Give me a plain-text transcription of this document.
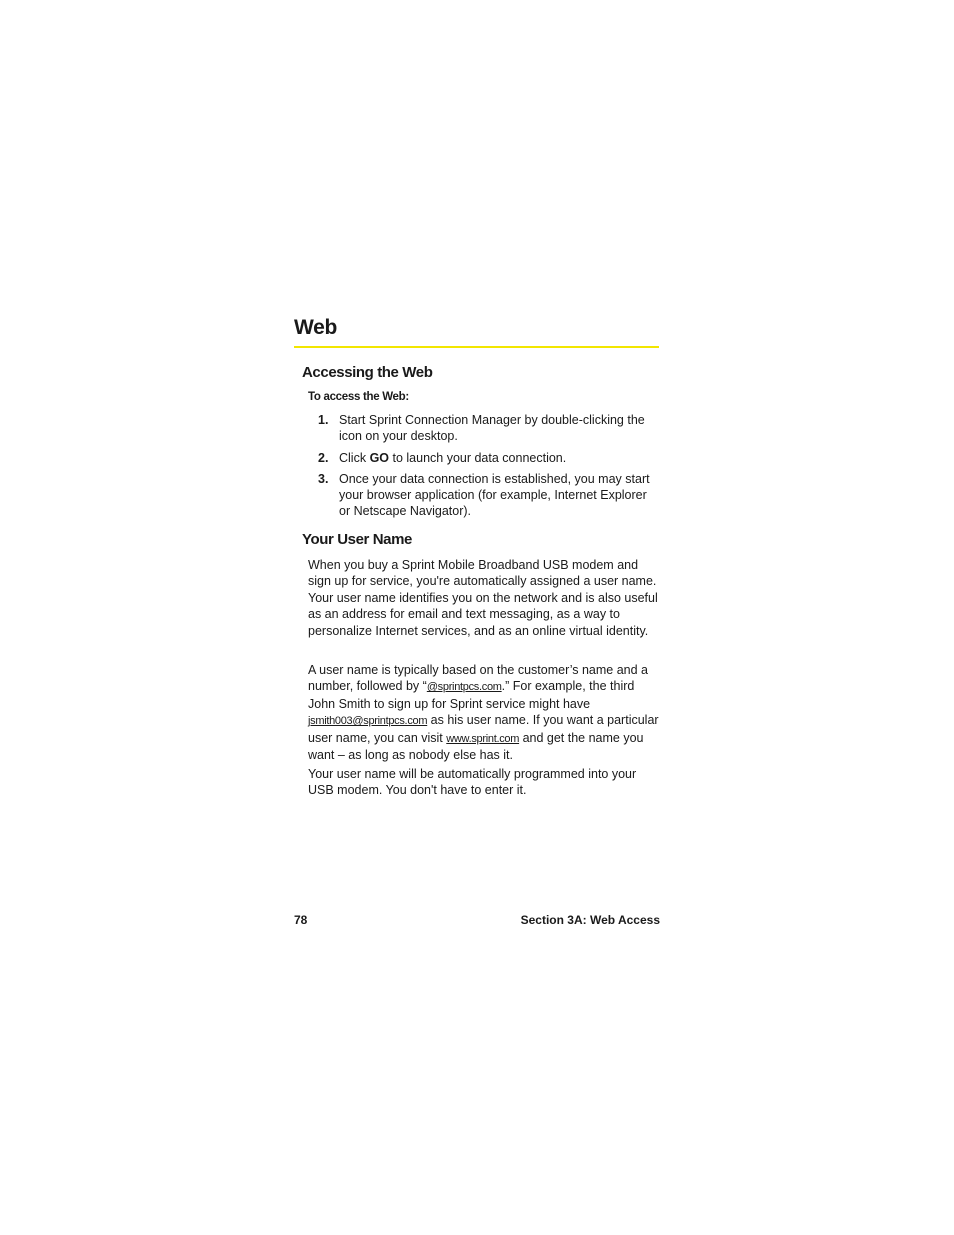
Web
Accessing the Web
To access the Web:
1. Start Sprint Connection Manager by double-clicking the icon on your desktop.
2. Click GO to launch your data connection.
3. Once your data connection is established, you may start your browser application (for example, Internet Explorer or Netscape Navigator).
Your User Name

When you buy a Sprint Mobile Broadband USB modem and sign up for service, you're automatically assigned a user name. Your user name identifies you on the network and is also useful as an address for email and text messaging, as a way to personalize Internet services, and as an online virtual identity.

A user name is typically based on the customer’s name and a number, followed by “@sprintpcs.com.” For example, the third John Smith to sign up for Sprint service might have jsmith003@sprintpcs.com as his user name. If you want a particular user name, you can visit www.sprint.com and get the name you want – as long as nobody else has it.

Your user name will be automatically programmed into your USB modem. You don't have to enter it.

78	Section 3A: Web Access
